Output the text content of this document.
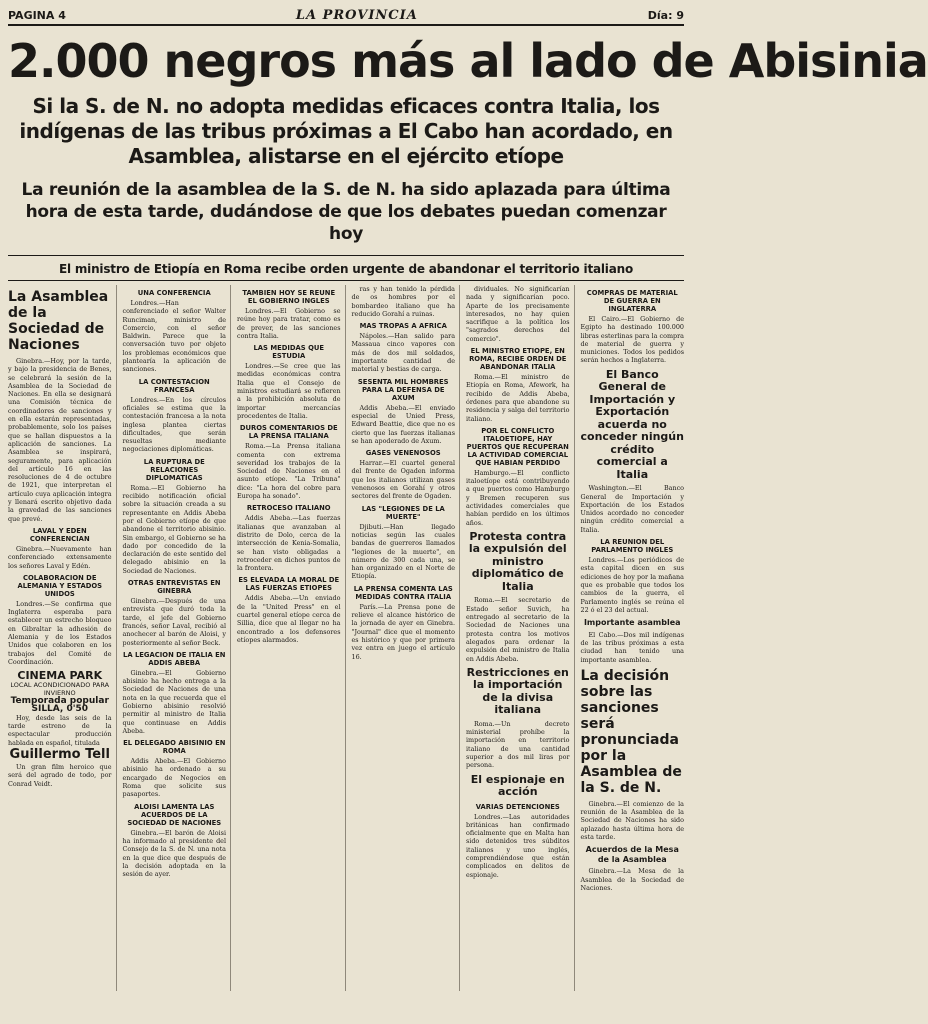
PAGINA 4	LA PROVINCIA	Día: 9
2.000 negros más al lado de Abisinia
Si la S. de N. no adopta medidas eficaces contra Italia, los indígenas de las tribus próximas a El Cabo han acordado, en Asamblea, alistarse en el ejército etíope
La reunión de la asamblea de la S. de N. ha sido aplazada para última hora de esta tarde, dudándose de que los debates puedan comenzar hoy
El ministro de Etiopía en Roma recibe orden urgente de abandonar el territorio italiano
La Asamblea de la Sociedad de Naciones

Ginebra.—Hoy, por la tarde, y bajo la presidencia de Benes, se celebrará la sesión de la Asamblea de la Sociedad de Naciones. En ella se designará una Comisión técnica de coordinadores de sanciones y en ella estarán representadas, probablemente, solo los países que se hallan dispuestos a la aplicación de sanciones. La Asamblea se inspirará, seguramente, para aplicación del artículo 16 en las resoluciones de 4 de octubre de 1921, que interpretan el artículo cuya aplicación integra y llenará escrito objetivo dada la gravedad de las sanciones que prevé.

LAVAL Y EDEN CONFERENCIAN

Ginebra.—Nuevamente han conferenciado extensamente los señores Laval y Edén.

COLABORACION DE ALEMANIA Y ESTADOS UNIDOS

Londres.—Se confirma que Inglaterra esperaba para establecer un estrecho bloqueo en Gibraltar la adhesión de Alemania y de los Estados Unidos que colaboren en los trabajos del Comité de Coordinación.

CINEMA PARK
LOCAL ACONDICIONADO PARA INVIERNO
Temporada popular
SILLA, 0'50

Hoy, desde las seis de la tarde estreno de la espectacular producción hablada en español, titulada

Guillermo Tell

Un gran film heroico que será del agrado de todo, por Conrad Veidt.

UNA CONFERENCIA

Londres.—Han conferenciado el señor Walter Runciman, ministro de Comercio, con el señor Baldwin. Parece que la conversación tuvo por objeto los problemas económicos que plantearía la aplicación de sanciones.

LA CONTESTACION FRANCESA

Londres.—En los círculos oficiales se estima que la contestación francesa a la nota inglesa plantea ciertas dificultades, que serán resueltas mediante negociaciones diplomáticas.

LA RUPTURA DE RELACIONES DIPLOMATICAS

Roma.—El Gobierno ha recibido notificación oficial sobre la situación creada a su representante en Addis Abeba por el Gobierno etíope de que abandone el territorio abisinio. Sin embargo, el Gobierno se ha dado por concedido de la declaración de este sentido del delegado abisinio en la Sociedad de Naciones.

OTRAS ENTREVISTAS EN GINEBRA

Ginebra.—Después de una entrevista que duró toda la tarde, el jefe del Gobierno francés, señor Laval, recibió al anochecer al barón de Aloisi, y posteriormente al señor Beck.

LA LEGACION DE ITALIA EN ADDIS ABEBA

Ginebra.—El Gobierno abisinio ha hecho entrega a la Sociedad de Naciones de una nota en la que recuerda que el Gobierno abisinio resolvió permitir al ministro de Italia que continuase en Addis Abeba.

EL DELEGADO ABISINIO EN ROMA

Addis Abeba.—El Gobierno abisinio ha ordenado a su encargado de Negocios en Roma que solicite sus pasaportes.

ALOISI LAMENTA LAS ACUERDOS DE LA SOCIEDAD DE NACIONES

Ginebra.—El barón de Aloisi ha informado al presidente del Consejo de la S. de N. una nota en la que dice que después de la decisión adoptada en la sesión de ayer.

TAMBIEN HOY SE REUNE EL GOBIERNO INGLES

Londres.—El Gobierno se reúne hoy para tratar, como es de prever, de las sanciones contra Italia.

LAS MEDIDAS QUE ESTUDIA

Londres.—Se cree que las medidas económicas contra Italia que el Consejo de ministros estudiará se refieren a la prohibición absoluta de importar mercancías procedentes de Italia.

DUROS COMENTARIOS DE LA PRENSA ITALIANA

Roma.—La Prensa italiana comenta con extrema severidad los trabajos de la Sociedad de Naciones en el asunto etíope. "La Tribuna" dice: "La hora del cobre para Europa ha sonado".

RETROCESO ITALIANO

Addis Abeba.—Las fuerzas italianas que avanzaban al distrito de Dolo, cerca de la intersección de Kenia-Somalia, se han visto obligadas a retroceder en dichos puntos de la frontera.

ES ELEVADA LA MORAL DE LAS FUERZAS ETIOPES

Addis Abeba.—Un enviado de la "United Press" en el cuartel general etíope cerca de Sillia, dice que al llegar no ha encontrado a los defensores etíopes alarmados.

ras y han tenido la pérdida de os hombres por el bombardeo italiano que ha reducido Gorahí a ruinas.

MAS TROPAS A AFRICA

Nápoles.—Han salido para Massaua cinco vapores con más de dos mil soldados, importante cantidad de material y bestias de carga.

SESENTA MIL HOMBRES PARA LA DEFENSA DE AXUM

Addis Abeba.—El enviado especial de Unied Press, Edward Beattie, dice que no es cierto que las fuerzas italianas se han apoderado de Axum.

GASES VENENOSOS

Harrar.—El cuartel general del frente de Ogaden informa que los italianos utilizan gases venenosos en Gorahí y otros sectores del frente de Ogaden.

LAS "LEGIONES DE LA MUERTE"

Djibuti.—Han llegado noticias según las cuales bandas de guerreros llamados "legiones de la muerte", en número de 300 cada una, se han organizado en el Norte de Etiopía.

LA PRENSA COMENTA LAS MEDIDAS CONTRA ITALIA

París.—La Prensa pone de relieve el alcance histórico de la jornada de ayer en Ginebra. "Journal" dice que el momento es histórico y que por primera vez entra en juego el artículo 16.

dividuales. No significarían nada y significarían poco. Aparte de los precisamente interesados, no hay quien sacrifique a la política los "sagrados derechos del comercio".

EL MINISTRO ETIOPE, EN ROMA, RECIBE ORDEN DE ABANDONAR ITALIA

Roma.—El ministro de Etiopía en Roma, Afework, ha recibido de Addis Abeba, órdenes para que abandone su residencia y salga del territorio italiano.

POR EL CONFLICTO ITALOETIOPE, HAY PUERTOS QUE RECUPERAN LA ACTIVIDAD COMERCIAL QUE HABIAN PERDIDO

Hamburgo.—El conflicto italoetíope está contribuyendo a que puertos como Hamburgo y Bremen recuperen sus actividades comerciales que habían perdido en los últimos años.

Protesta contra la expulsión del ministro diplomático de Italia

Roma.—El secretario de Estado señor Suvich, ha entregado al secretario de la Sociedad de Naciones una protesta contra los motivos alegados para ordenar la expulsión del ministro de Italia en Addis Abeba.

Restricciones en la importación de la divisa italiana

Roma.—Un decreto ministerial prohíbe la importación en territorio italiano de una cantidad superior a dos mil liras por persona.

El espionaje en acción
VARIAS DETENCIONES

Londres.—Las autoridades británicas han confirmado oficialmente que en Malta han sido detenidos tres súbditos italianos y uno inglés, comprendiéndose que están complicados en delitos de espionaje.

COMPRAS DE MATERIAL DE GUERRA EN INGLATERRA

El Cairo.—El Gobierno de Egipto ha destinado 100.000 libras esterlinas para la compra de material de guerra y municiones. Todos los pedidos serán hechos a Inglaterra.

El Banco General de Importación y Exportación acuerda no conceder ningún crédito comercial a Italia

Washington.—El Banco General de Importación y Exportación de los Estados Unidos acordado no conceder ningún crédito comercial a Italia.

LA REUNION DEL PARLAMENTO INGLES

Londres.—Los periódicos de esta capital dicen en sus ediciones de hoy por la mañana que es probable que todos los cambios de la guerra, el Parlamento inglés se reúna el 22 ó el 23 del actual.

Importante asamblea

El Cabo.—Dos mil indígenas de las tribus próximas a esta ciudad han tenido una importante asamblea.

La decisión sobre las sanciones será pronunciada por la Asamblea de la S. de N.

Ginebra.—El comienzo de la reunión de la Asamblea de la Sociedad de Naciones ha sido aplazado hasta última hora de esta tarde.

Acuerdos de la Mesa de la Asamblea

Ginebra.—La Mesa de la Asamblea de la Sociedad de Naciones.
